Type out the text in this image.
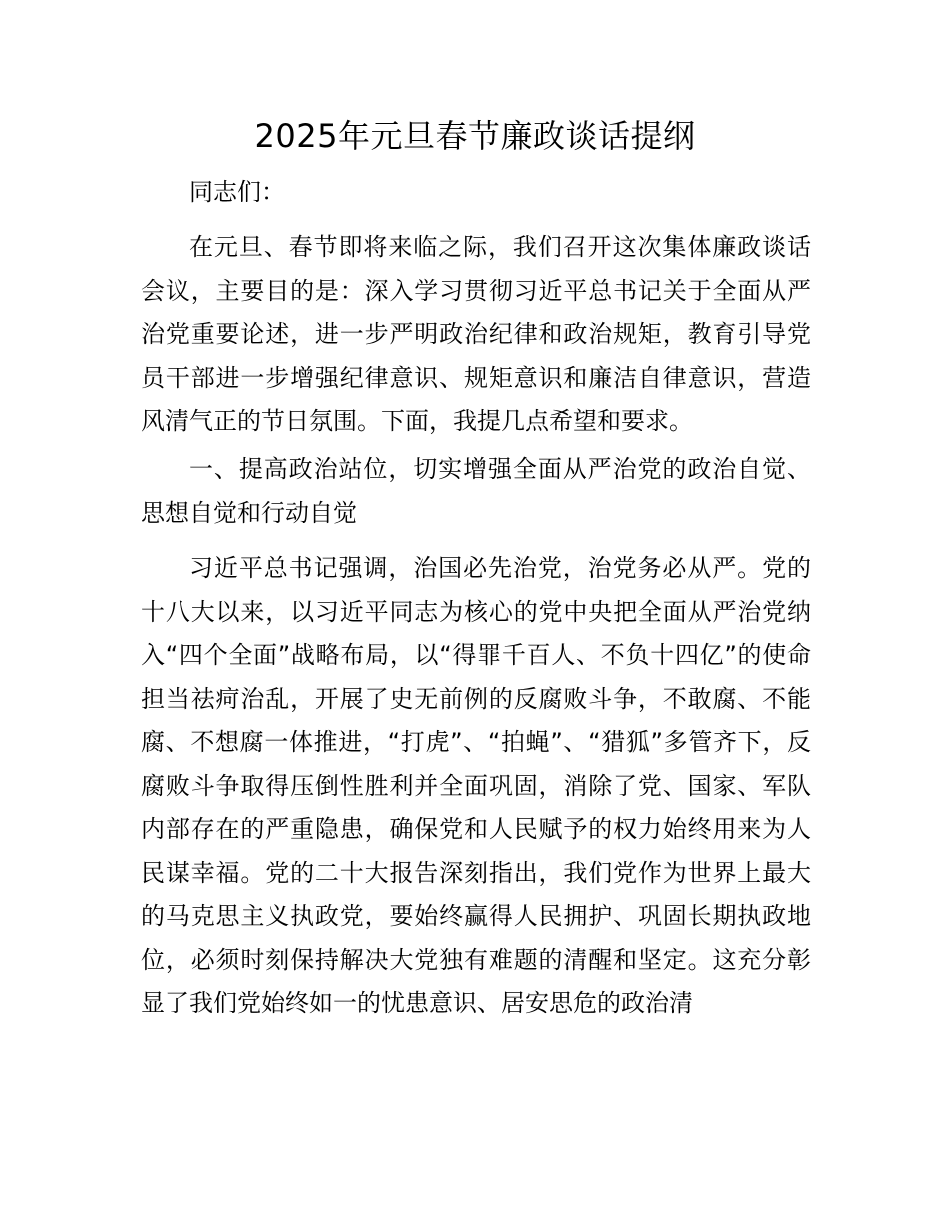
2025年元旦春节廉政谈话提纲

同志们：

在元旦、春节即将来临之际，我们召开这次集体廉政谈话会议，主要目的是：深入学习贯彻习近平总书记关于全面从严治党重要论述，进一步严明政治纪律和政治规矩，教育引导党员干部进一步增强纪律意识、规矩意识和廉洁自律意识，营造风清气正的节日氛围。下面，我提几点希望和要求。

一、提高政治站位，切实增强全面从严治党的政治自觉、思想自觉和行动自觉

习近平总书记强调，治国必先治党，治党务必从严。党的十八大以来，以习近平同志为核心的党中央把全面从严治党纳入“四个全面”战略布局，以“得罪千百人、不负十四亿”的使命担当祛疴治乱，开展了史无前例的反腐败斗争，不敢腐、不能腐、不想腐一体推进，“打虎”、“拍蝇”、“猎狐”多管齐下，反腐败斗争取得压倒性胜利并全面巩固，消除了党、国家、军队内部存在的严重隐患，确保党和人民赋予的权力始终用来为人民谋幸福。党的二十大报告深刻指出，我们党作为世界上最大的马克思主义执政党，要始终赢得人民拥护、巩固长期执政地位，必须时刻保持解决大党独有难题的清醒和坚定。这充分彰显了我们党始终如一的忧患意识、居安思危的政治清
